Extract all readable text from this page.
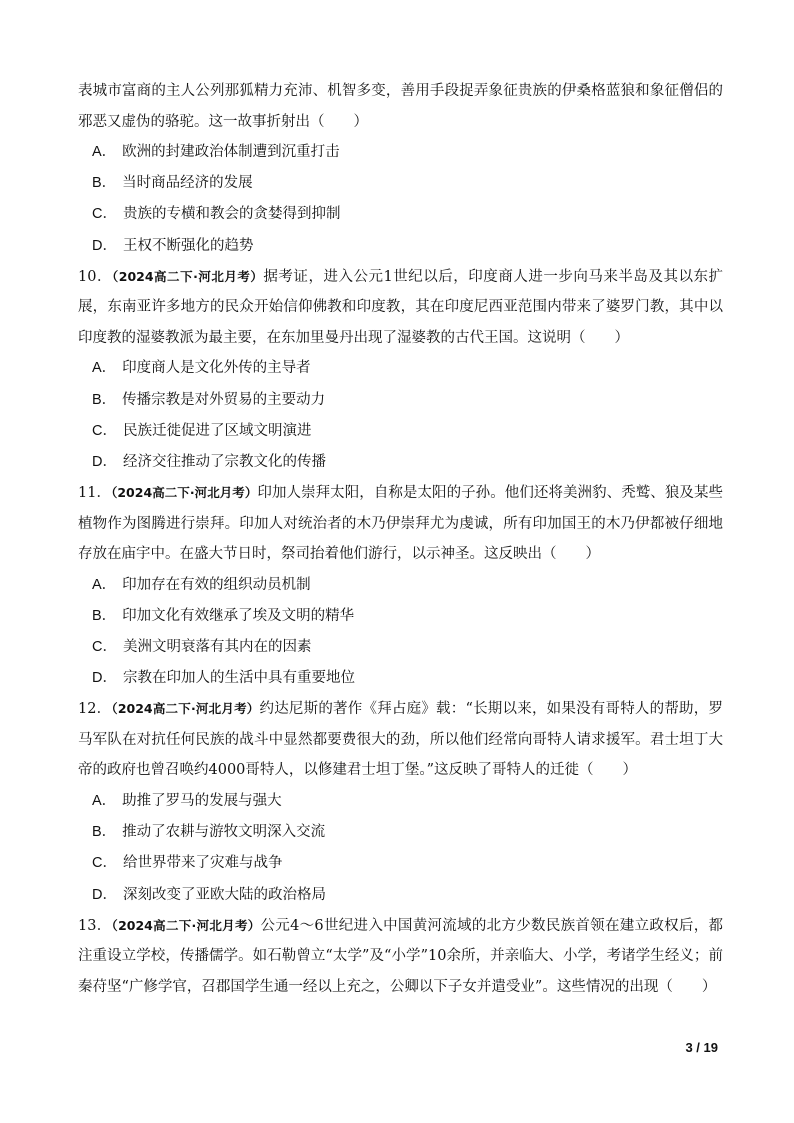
表城市富商的主人公列那狐精力充沛、机智多变，善用手段捉弄象征贵族的伊桑格蓝狼和象征僧侣的邪恶又虚伪的骆驼。这一故事折射出（　　）

A． 欧洲的封建政治体制遭到沉重打击

B． 当时商品经济的发展

C． 贵族的专横和教会的贪婪得到抑制

D． 王权不断强化的趋势

10．（2024高二下·河北月考）据考证，进入公元1世纪以后，印度商人进一步向马来半岛及其以东扩展，东南亚许多地方的民众开始信仰佛教和印度教，其在印度尼西亚范围内带来了婆罗门教，其中以印度教的湿婆教派为最主要，在东加里曼丹出现了湿婆教的古代王国。这说明（　　）

A． 印度商人是文化外传的主导者

B． 传播宗教是对外贸易的主要动力

C． 民族迁徙促进了区域文明演进

D． 经济交往推动了宗教文化的传播

11．（2024高二下·河北月考）印加人崇拜太阳，自称是太阳的子孙。他们还将美洲豹、秃鹫、狼及某些植物作为图腾进行崇拜。印加人对统治者的木乃伊崇拜尤为虔诚，所有印加国王的木乃伊都被仔细地存放在庙宇中。在盛大节日时，祭司抬着他们游行，以示神圣。这反映出（　　）

A． 印加存在有效的组织动员机制

B． 印加文化有效继承了埃及文明的精华

C． 美洲文明衰落有其内在的因素

D． 宗教在印加人的生活中具有重要地位

12．（2024高二下·河北月考）约达尼斯的著作《拜占庭》载：“长期以来，如果没有哥特人的帮助，罗马军队在对抗任何民族的战斗中显然都要费很大的劲，所以他们经常向哥特人请求援军。君士坦丁大帝的政府也曾召唤约4000哥特人，以修建君士坦丁堡。”这反映了哥特人的迁徙（　　）

A． 助推了罗马的发展与强大

B． 推动了农耕与游牧文明深入交流

C． 给世界带来了灾难与战争

D． 深刻改变了亚欧大陆的政治格局

13．（2024高二下·河北月考）公元4～6世纪进入中国黄河流域的北方少数民族首领在建立政权后，都注重设立学校，传播儒学。如石勒曾立“太学”及“小学”10余所，并亲临大、小学，考诸学生经义；前秦苻坚“广修学官，召郡国学生通一经以上充之，公卿以下子女并遣受业”。这些情况的出现（　　）

3 / 19
